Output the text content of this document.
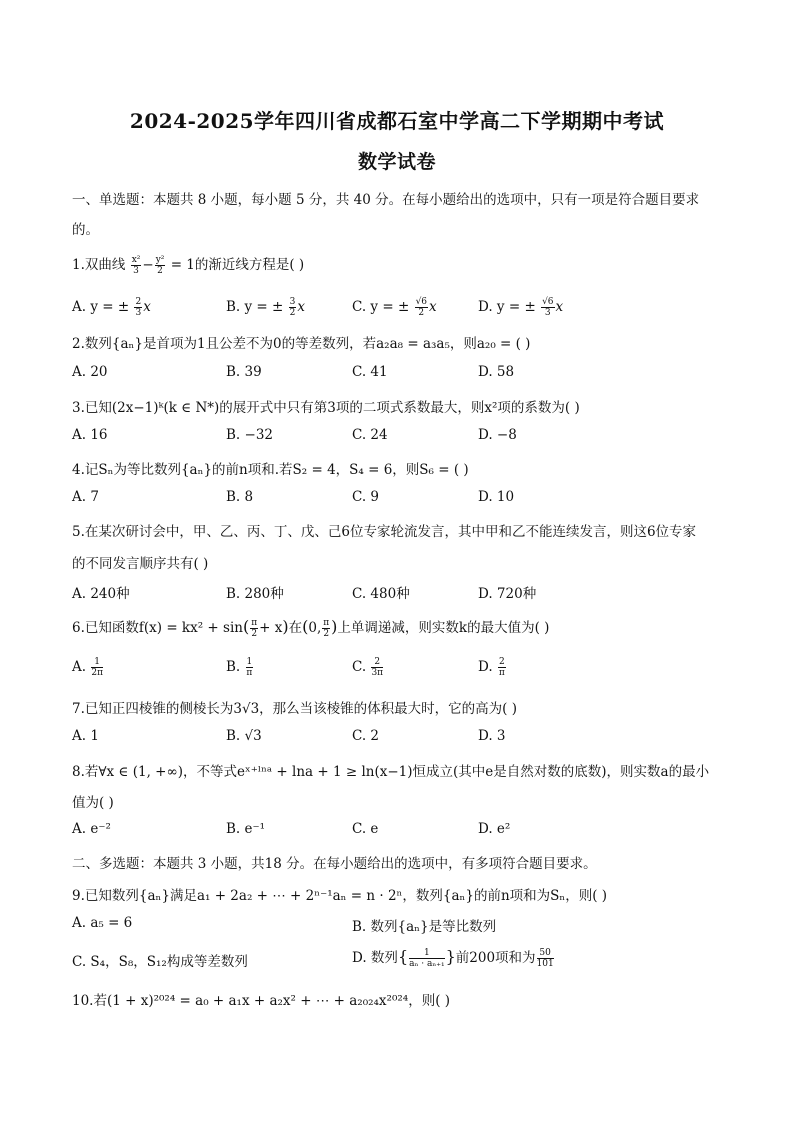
2024-2025学年四川省成都石室中学高二下学期期中考试
数学试卷
一、单选题：本题共 8 小题，每小题 5 分，共 40 分。在每小题给出的选项中，只有一项是符合题目要求
的。
1.双曲线 $\frac{\text{x²}}{3} - \frac{\text{y²}}{2} = 1$的渐近线方程是( )
A. y = ± $\frac{2}{3}$ x	B. y = ± $\frac{3}{2}$ x	C. y = ± $\frac{√6}{2}$ x	D. y = ± $\frac{√6}{3}$ x
2.数列{aₙ}是首项为1且公差不为0的等差数列，若a₂a₈ = a₃a₅，则a₂₀ = ( )
A. 20	B. 39	C. 41	D. 58
3.已知(2x−1)ᵏ(k ∈ N*)的展开式中只有第3项的二项式系数最大，则x²项的系数为( )
A. 16	B. −32	C. 24	D. −8
4.记Sₙ为等比数列{aₙ}的前n项和.若S₂ = 4，S₄ = 6，则S₆ = ( )
A. 7	B. 8	C. 9	D. 10
5.在某次研讨会中，甲、乙、丙、丁、戊、己6位专家轮流发言，其中甲和乙不能连续发言，则这6位专家
的不同发言顺序共有( )
A. 240种	B. 280种	C. 480种	D. 720种
6.已知函数$f(x) = kx^2 + \sin( \frac{\pi}{2} + x)$在(0, $\frac{\pi}{2}$ )上单调递减，则实数k的最大值为( )
A. $\frac{1}{2\pi}$	B. $\frac{1}{\pi}$	C. $\frac{2}{3\pi}$	D. $\frac{2}{\pi}$
7.已知正四棱锥的侧棱长为3√3，那么当该棱锥的体积最大时，它的高为( )
A. 1	B. √3	C. 2	D. 3
8.若∀x ∈ (1, +∞)，不等式eˣ⁺ˡⁿᵃ + lna + 1 ≥ ln(x−1)恒成立(其中e是自然对数的底数)，则实数a的最小
值为( )
A. e⁻²	B. e⁻¹	C. e	D. e²
二、多选题：本题共 3 小题，共18 分。在每小题给出的选项中，有多项符合题目要求。
9.已知数列{aₙ}满足a₁ + 2a₂ + ⋯ + 2ⁿ⁻¹aₙ = n · 2ⁿ，数列{aₙ}的前n项和为Sₙ，则( )
A. a₅ = 6	B. 数列{aₙ}是等比数列
C. S₄，S₈，S₁₂构成等差数列	D. 数列{ $\frac{1}{\text{aₙ · aₙ₊₁}}$ }前200项和为 $\frac{50}{101}$
10.若(1 + x)²⁰²⁴ = a₀ + a₁x + a₂x² + ⋯ + a₂₀₂₄x²⁰²⁴，则( )
